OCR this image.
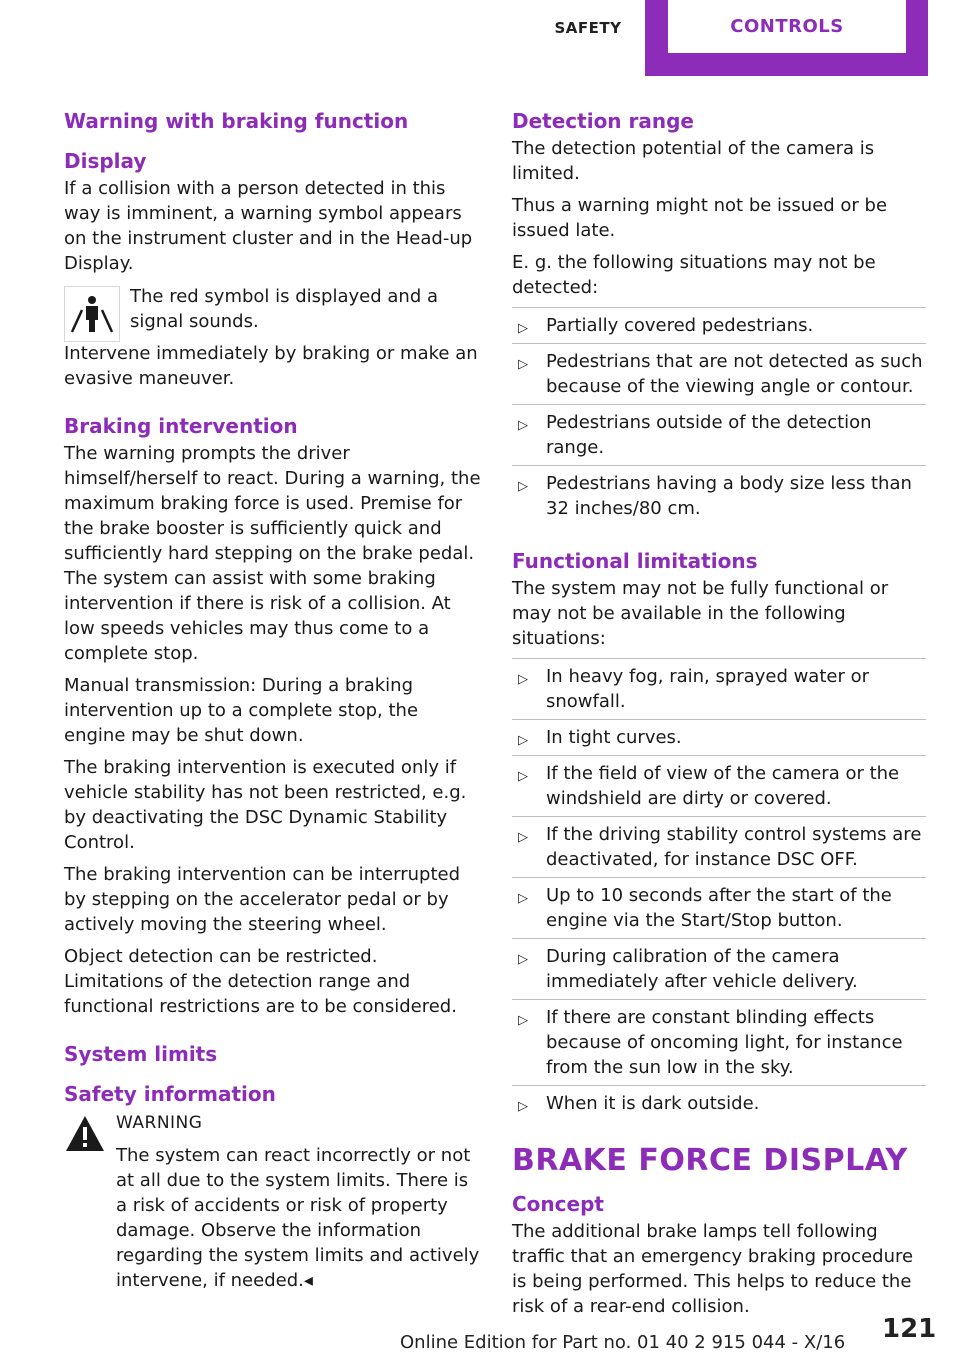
SAFETY	CONTROLS
Warning with braking function
Display

If a collision with a person detected in this way is imminent, a warning symbol appears on the instrument cluster and in the Head-up Display.

The red symbol is displayed and a signal sounds.

Intervene immediately by braking or make an evasive maneuver.

Braking intervention

The warning prompts the driver himself/herself to react. During a warning, the maximum braking force is used. Premise for the brake booster is sufficiently quick and sufficiently hard stepping on the brake pedal. The system can assist with some braking intervention if there is risk of a collision. At low speeds vehicles may thus come to a complete stop.

Manual transmission: During a braking intervention up to a complete stop, the engine may be shut down.

The braking intervention is executed only if vehicle stability has not been restricted, e.g. by deactivating the DSC Dynamic Stability Control.

The braking intervention can be interrupted by stepping on the accelerator pedal or by actively moving the steering wheel.

Object detection can be restricted. Limitations of the detection range and functional restrictions are to be considered.

System limits
Safety information

WARNING

The system can react incorrectly or not at all due to the system limits. There is a risk of accidents or risk of property damage. Observe the information regarding the system limits and actively intervene, if needed.◂

Detection range

The detection potential of the camera is limited.

Thus a warning might not be issued or be issued late.

E. g. the following situations may not be detected:

▷ Partially covered pedestrians.
▷ Pedestrians that are not detected as such because of the viewing angle or contour.
▷ Pedestrians outside of the detection range.
▷ Pedestrians having a body size less than 32 inches/80 cm.
Functional limitations

The system may not be fully functional or may not be available in the following situations:

▷ In heavy fog, rain, sprayed water or snowfall.
▷ In tight curves.
▷ If the field of view of the camera or the windshield are dirty or covered.
▷ If the driving stability control systems are deactivated, for instance DSC OFF.
▷ Up to 10 seconds after the start of the engine via the Start/Stop button.
▷ During calibration of the camera immediately after vehicle delivery.
▷ If there are constant blinding effects because of oncoming light, for instance from the sun low in the sky.
▷ When it is dark outside.
BRAKE FORCE DISPLAY
Concept

The additional brake lamps tell following traffic that an emergency braking procedure is being performed. This helps to reduce the risk of a rear-end collision.

121
Online Edition for Part no. 01 40 2 915 044 - X/16
